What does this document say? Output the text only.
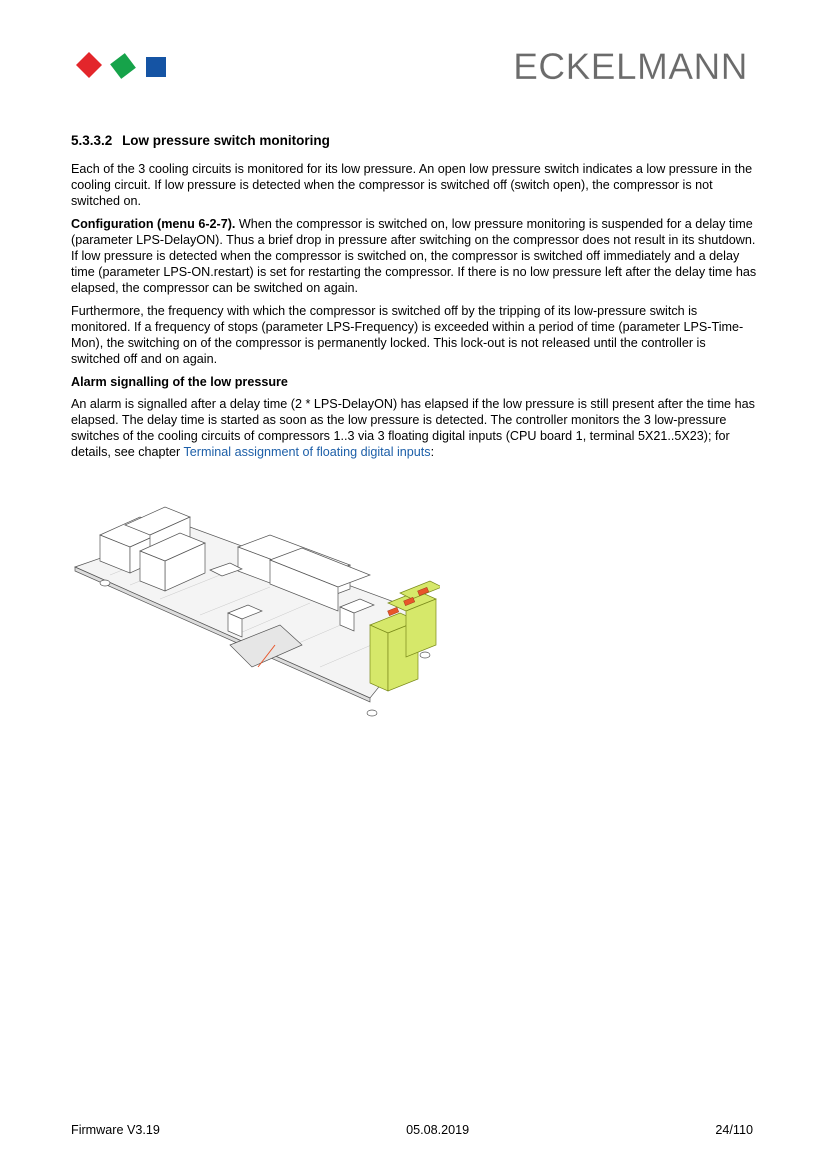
ECKELMANN
5.3.3.2 Low pressure switch monitoring

Each of the 3 cooling circuits is monitored for its low pressure. An open low pressure switch indicates a low pressure in the cooling circuit. If low pressure is detected when the compressor is switched off (switch open), the compressor is not switched on.

Configuration (menu 6-2-7). When the compressor is switched on, low pressure monitoring is suspended for a delay time (parameter LPS-DelayON). Thus a brief drop in pressure after switching on the compressor does not result in its shutdown. If low pressure is detected when the compressor is switched on, the compressor is switched off immediately and a delay time (parameter LPS-ON.restart) is set for restarting the compressor. If there is no low pressure left after the delay time has elapsed, the compressor can be switched on again.

Furthermore, the frequency with which the compressor is switched off by the tripping of its low-pressure switch is monitored. If a frequency of stops (parameter LPS-Frequency) is exceeded within a period of time (parameter LPS-Time-Mon), the switching on of the compressor is permanently locked. This lock-out is not released until the controller is switched off and on again.

Alarm signalling of the low pressure

An alarm is signalled after a delay time (2 * LPS-DelayON) has elapsed if the low pressure is still present after the time has elapsed. The delay time is started as soon as the low pressure is detected. The controller monitors the 3 low-pressure switches of the cooling circuits of compressors 1..3 via 3 floating digital inputs (CPU board 1, terminal 5X21..5X23); for details, see chapter Terminal assignment of floating digital inputs:

Firmware V3.19	05.08.2019	24/110
